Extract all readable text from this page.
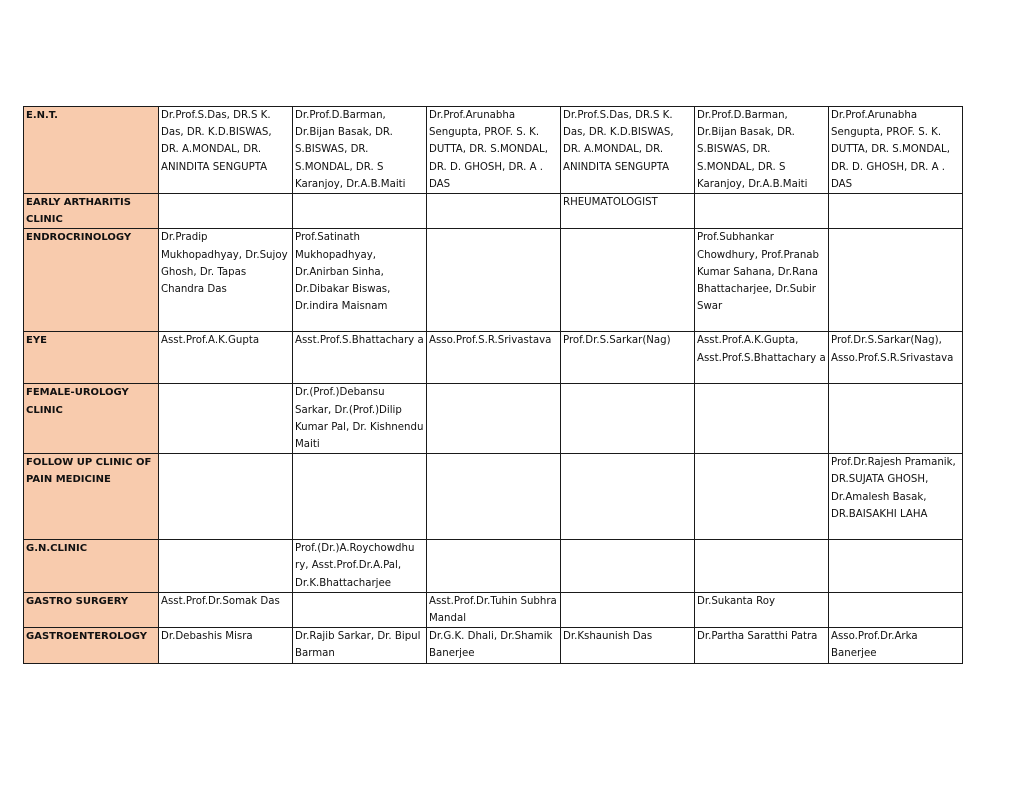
E.N.T.	Dr.Prof.S.Das, DR.S K. Das, DR. K.D.BISWAS, DR. A.MONDAL, DR. ANINDITA SENGUPTA	Dr.Prof.D.Barman, Dr.Bijan Basak, DR. S.BISWAS, DR. S.MONDAL, DR. S Karanjoy, Dr.A.B.Maiti	Dr.Prof.Arunabha Sengupta, PROF. S. K. DUTTA, DR. S.MONDAL, DR. D. GHOSH, DR. A . DAS	Dr.Prof.S.Das, DR.S K. Das, DR. K.D.BISWAS, DR. A.MONDAL, DR. ANINDITA SENGUPTA	Dr.Prof.D.Barman, Dr.Bijan Basak, DR. S.BISWAS, DR. S.MONDAL, DR. S Karanjoy, Dr.A.B.Maiti	Dr.Prof.Arunabha Sengupta, PROF. S. K. DUTTA, DR. S.MONDAL, DR. D. GHOSH, DR. A . DAS
EARLY ARTHARITIS CLINIC				RHEUMATOLOGIST		
ENDROCRINOLOGY	Dr.Pradip Mukhopadhyay, Dr.Sujoy Ghosh, Dr. Tapas Chandra Das	Prof.Satinath Mukhopadhyay, Dr.Anirban Sinha, Dr.Dibakar Biswas, Dr.indira Maisnam			Prof.Subhankar Chowdhury, Prof.Pranab Kumar Sahana, Dr.Rana Bhattacharjee, Dr.Subir Swar	
EYE	Asst.Prof.A.K.Gupta	Asst.Prof.S.Bhattachary a	Asso.Prof.S.R.Srivastava	Prof.Dr.S.Sarkar(Nag)	Asst.Prof.A.K.Gupta, Asst.Prof.S.Bhattachary a	Prof.Dr.S.Sarkar(Nag), Asso.Prof.S.R.Srivastava
FEMALE-UROLOGY CLINIC		Dr.(Prof.)Debansu Sarkar, Dr.(Prof.)Dilip Kumar Pal, Dr. Kishnendu Maiti				
FOLLOW UP CLINIC OF PAIN MEDICINE						Prof.Dr.Rajesh Pramanik, DR.SUJATA GHOSH, Dr.Amalesh Basak, DR.BAISAKHI LAHA
G.N.CLINIC		Prof.(Dr.)A.Roychowdhu ry, Asst.Prof.Dr.A.Pal, Dr.K.Bhattacharjee				
GASTRO SURGERY	Asst.Prof.Dr.Somak Das		Asst.Prof.Dr.Tuhin Subhra Mandal		Dr.Sukanta Roy	
GASTROENTEROLOGY	Dr.Debashis Misra	Dr.Rajib Sarkar, Dr. Bipul Barman	Dr.G.K. Dhali, Dr.Shamik Banerjee	Dr.Kshaunish Das	Dr.Partha Saratthi Patra	Asso.Prof.Dr.Arka Banerjee
